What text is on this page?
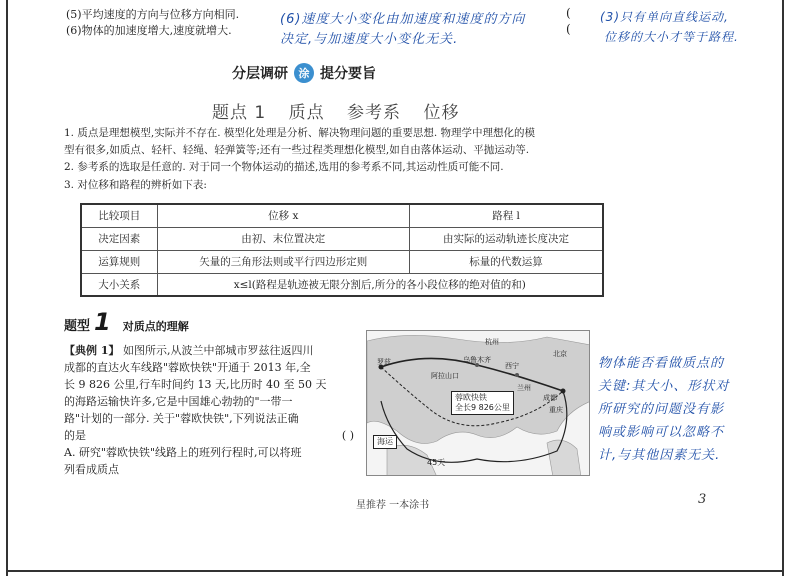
(5)平均速度的方向与位移方向相同.
(6)物体的加速度增大,速度就增大.
(
(
(6)速度大小变化由加速度和速度的方向
决定,与加速度大小变化无关.
(3)只有单向直线运动,
位移的大小才等于路程.
分层调研 涂 提分要旨
题点 1 质点 参考系 位移
1. 质点是理想模型,实际并不存在. 模型化处理是分析、解决物理问题的重要思想. 物理学中理想化的模
型有很多,如质点、轻杆、轻绳、轻弹簧等;还有一些过程类理想化模型,如自由落体运动、平抛运动等.
2. 参考系的选取是任意的. 对于同一个物体运动的描述,选用的参考系不同,其运动性质可能不同.
3. 对位移和路程的辨析如下表:
比较项目	位移 x	路程 l
决定因素	由初、末位置决定	由实际的运动轨迹长度决定
运算规则	矢量的三角形法则或平行四边形定则	标量的代数运算
大小关系	x≤l(路程是轨迹被无限分割后,所分的各小段位移的绝对值的和)	
题型 1 对质点的理解
【典例 1】 如图所示,从波兰中部城市罗兹往返四川
成都的直达火车线路"蓉欧快铁"开通于 2013 年,全
长 9 826 公里,行车时间约 13 天,比历时 40 至 50 天
的海路运输快许多,它是中国雄心勃勃的"一带一
路"计划的一部分. 关于"蓉欧快铁",下列说法正确
的是	( )
A. 研究"蓉欧快铁"线路上的班列行程时,可以将班
列看成质点
罗兹
杭州
乌鲁木齐
北京
成都
阿拉山口
西宁
兰州
重庆
蓉欧快铁
全长9 826公里
海运
45天
物体能否看做质点的
关键:其大小、形状对
所研究的问题没有影
响或影响可以忽略不
计,与其他因素无关.
星推荐 一本涂书	3
